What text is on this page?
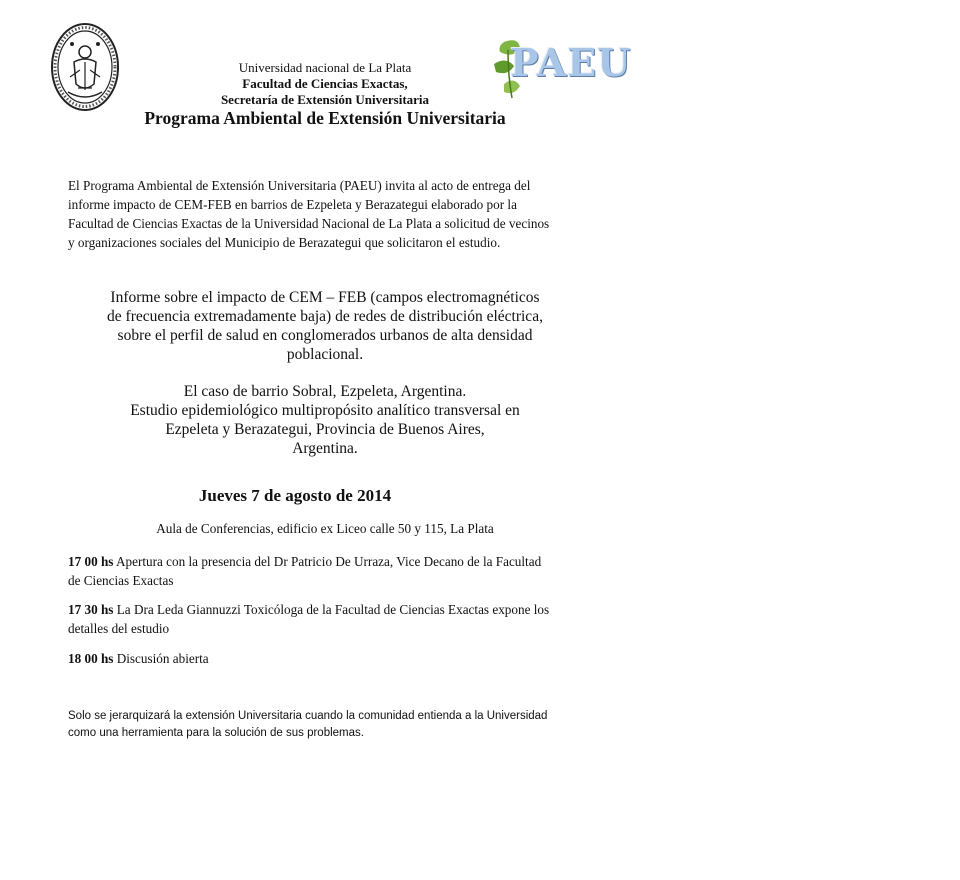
PAEU
Universidad nacional de La Plata
Facultad de Ciencias Exactas,
Secretaría de Extensión Universitaria
Programa Ambiental de Extensión Universitaria
El Programa Ambiental de Extensión Universitaria (PAEU) invita al acto de entrega del
informe impacto de CEM-FEB en barrios de Ezpeleta y Berazategui elaborado por la
Facultad de Ciencias Exactas de la Universidad Nacional de La Plata a solicitud de vecinos
y organizaciones sociales del Municipio de Berazategui que solicitaron el estudio.
Informe sobre el impacto de CEM – FEB (campos electromagnéticos
de frecuencia extremadamente baja) de redes de distribución eléctrica,
sobre el perfil de salud en conglomerados urbanos de alta densidad
poblacional.
El caso de barrio Sobral, Ezpeleta, Argentina.
Estudio epidemiológico multipropósito analítico transversal en
Ezpeleta y Berazategui, Provincia de Buenos Aires,
Argentina.
Jueves 7 de agosto de 2014
Aula de Conferencias, edificio ex Liceo calle 50 y 115, La Plata
17 00 hs Apertura con la presencia del Dr Patricio De Urraza, Vice Decano de la Facultad
de Ciencias Exactas
17 30 hs La Dra Leda Giannuzzi Toxicóloga de la Facultad de Ciencias Exactas expone los
detalles del estudio
18 00 hs Discusión abierta
Solo se jerarquizará la extensión Universitaria cuando la comunidad entienda a la Universidad
como una herramienta para la solución de sus problemas.
